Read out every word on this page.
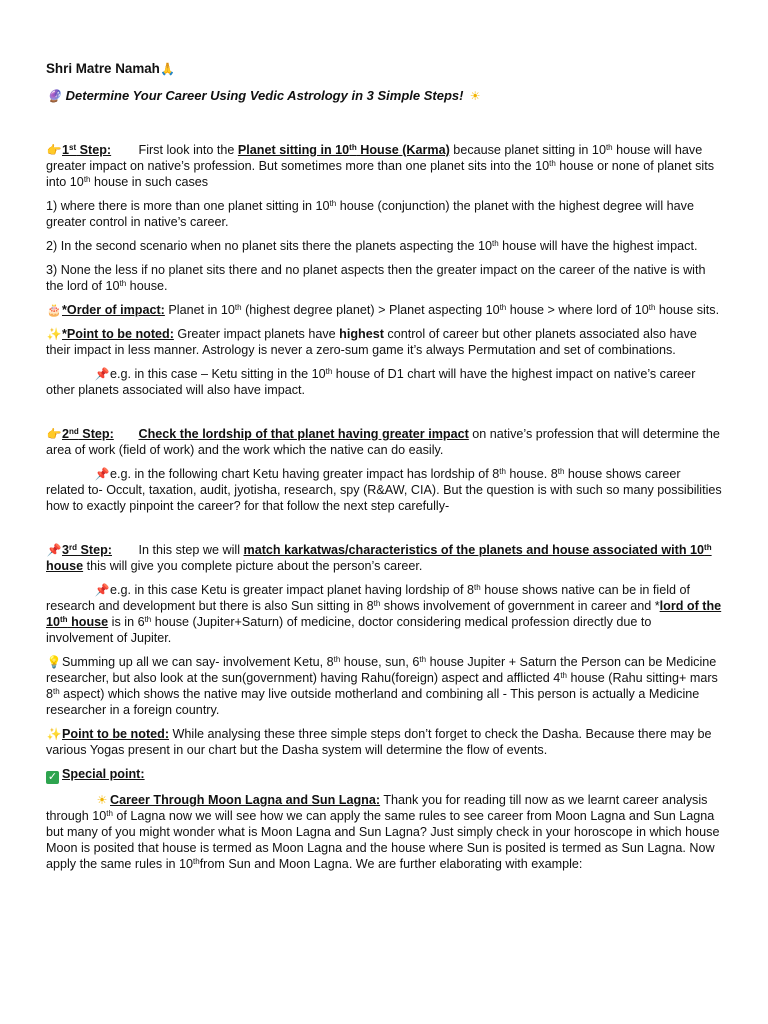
Shri Matre Namah🙏
🔮 Determine Your Career Using Vedic Astrology in 3 Simple Steps! ☀

👉1st Step: First look into the Planet sitting in 10th House (Karma) because planet sitting in 10th house will have greater impact on native’s profession. But sometimes more than one planet sits into the 10th house or none of planet sits into 10th house in such cases

1) where there is more than one planet sitting in 10th house (conjunction) the planet with the highest degree will have greater control in native’s career.

2) In the second scenario when no planet sits there the planets aspecting the 10th house will have the highest impact.

3) None the less if no planet sits there and no planet aspects then the greater impact on the career of the native is with the lord of 10th house.

🎂*Order of impact: Planet in 10th (highest degree planet) > Planet aspecting 10th house > where lord of 10th house sits.

✨*Point to be noted: Greater impact planets have highest control of career but other planets associated also have their impact in less manner. Astrology is never a zero-sum game it’s always Permutation and set of combinations.

📌e.g. in this case – Ketu sitting in the 10th house of D1 chart will have the highest impact on native’s career other planets associated will also have impact.

👉2nd Step: Check the lordship of that planet having greater impact on native’s profession that will determine the area of work (field of work) and the work which the native can do easily.

📌e.g. in the following chart Ketu having greater impact has lordship of 8th house. 8th house shows career related to- Occult, taxation, audit, jyotisha, research, spy (R&AW, CIA). But the question is with such so many possibilities how to exactly pinpoint the career? for that follow the next step carefully-

📌3rd Step: In this step we will match karkatwas/characteristics of the planets and house associated with 10th house this will give you complete picture about the person’s career.

📌e.g. in this case Ketu is greater impact planet having lordship of 8th house shows native can be in field of research and development but there is also Sun sitting in 8th shows involvement of government in career and *lord of the 10th house is in 6th house (Jupiter+Saturn) of medicine, doctor considering medical profession directly due to involvement of Jupiter.

💡Summing up all we can say- involvement Ketu, 8th house, sun, 6th house Jupiter + Saturn the Person can be Medicine researcher, but also look at the sun(government) having Rahu(foreign) aspect and afflicted 4th house (Rahu sitting+ mars 8th aspect) which shows the native may live outside motherland and combining all - This person is actually a Medicine researcher in a foreign country.

✨Point to be noted: While analysing these three simple steps don’t forget to check the Dasha. Because there may be various Yogas present in our chart but the Dasha system will determine the flow of events.

✓ Special point:

☀ Career Through Moon Lagna and Sun Lagna: Thank you for reading till now as we learnt career analysis through 10th of Lagna now we will see how we can apply the same rules to see career from Moon Lagna and Sun Lagna but many of you might wonder what is Moon Lagna and Sun Lagna? Just simply check in your horoscope in which house Moon is posited that house is termed as Moon Lagna and the house where Sun is posited is termed as Sun Lagna. Now apply the same rules in 10thfrom Sun and Moon Lagna. We are further elaborating with example:
